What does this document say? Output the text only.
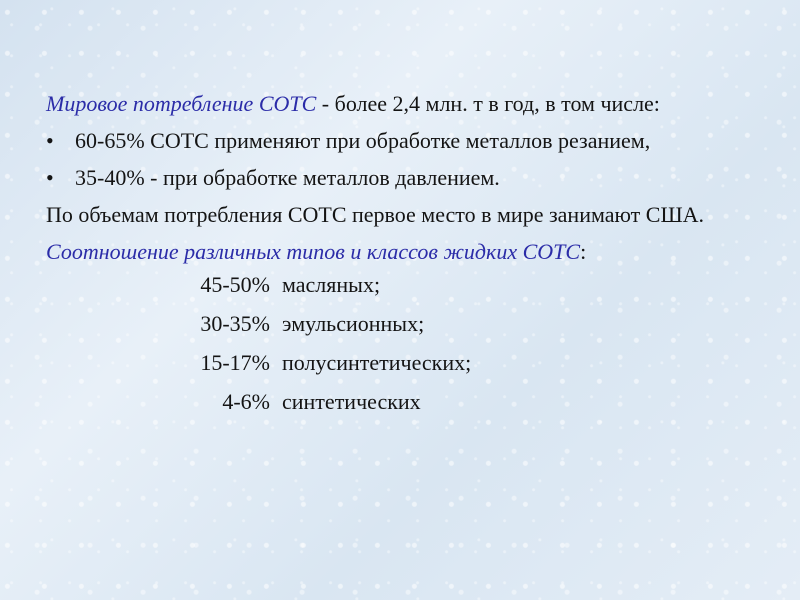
Мировое потребление СОТС - более 2,4 млн. т в год, в том числе:

• 60-65% СОТС применяют при обработке металлов резанием,
• 35-40% - при обработке металлов давлением.

По объемам потребления СОТС первое место в мире занимают США.

Соотношение различных типов и классов жидких СОТС:

45-50% масляных;
30-35% эмульсионных;
15-17% полусинтетических;
4-6% синтетических
